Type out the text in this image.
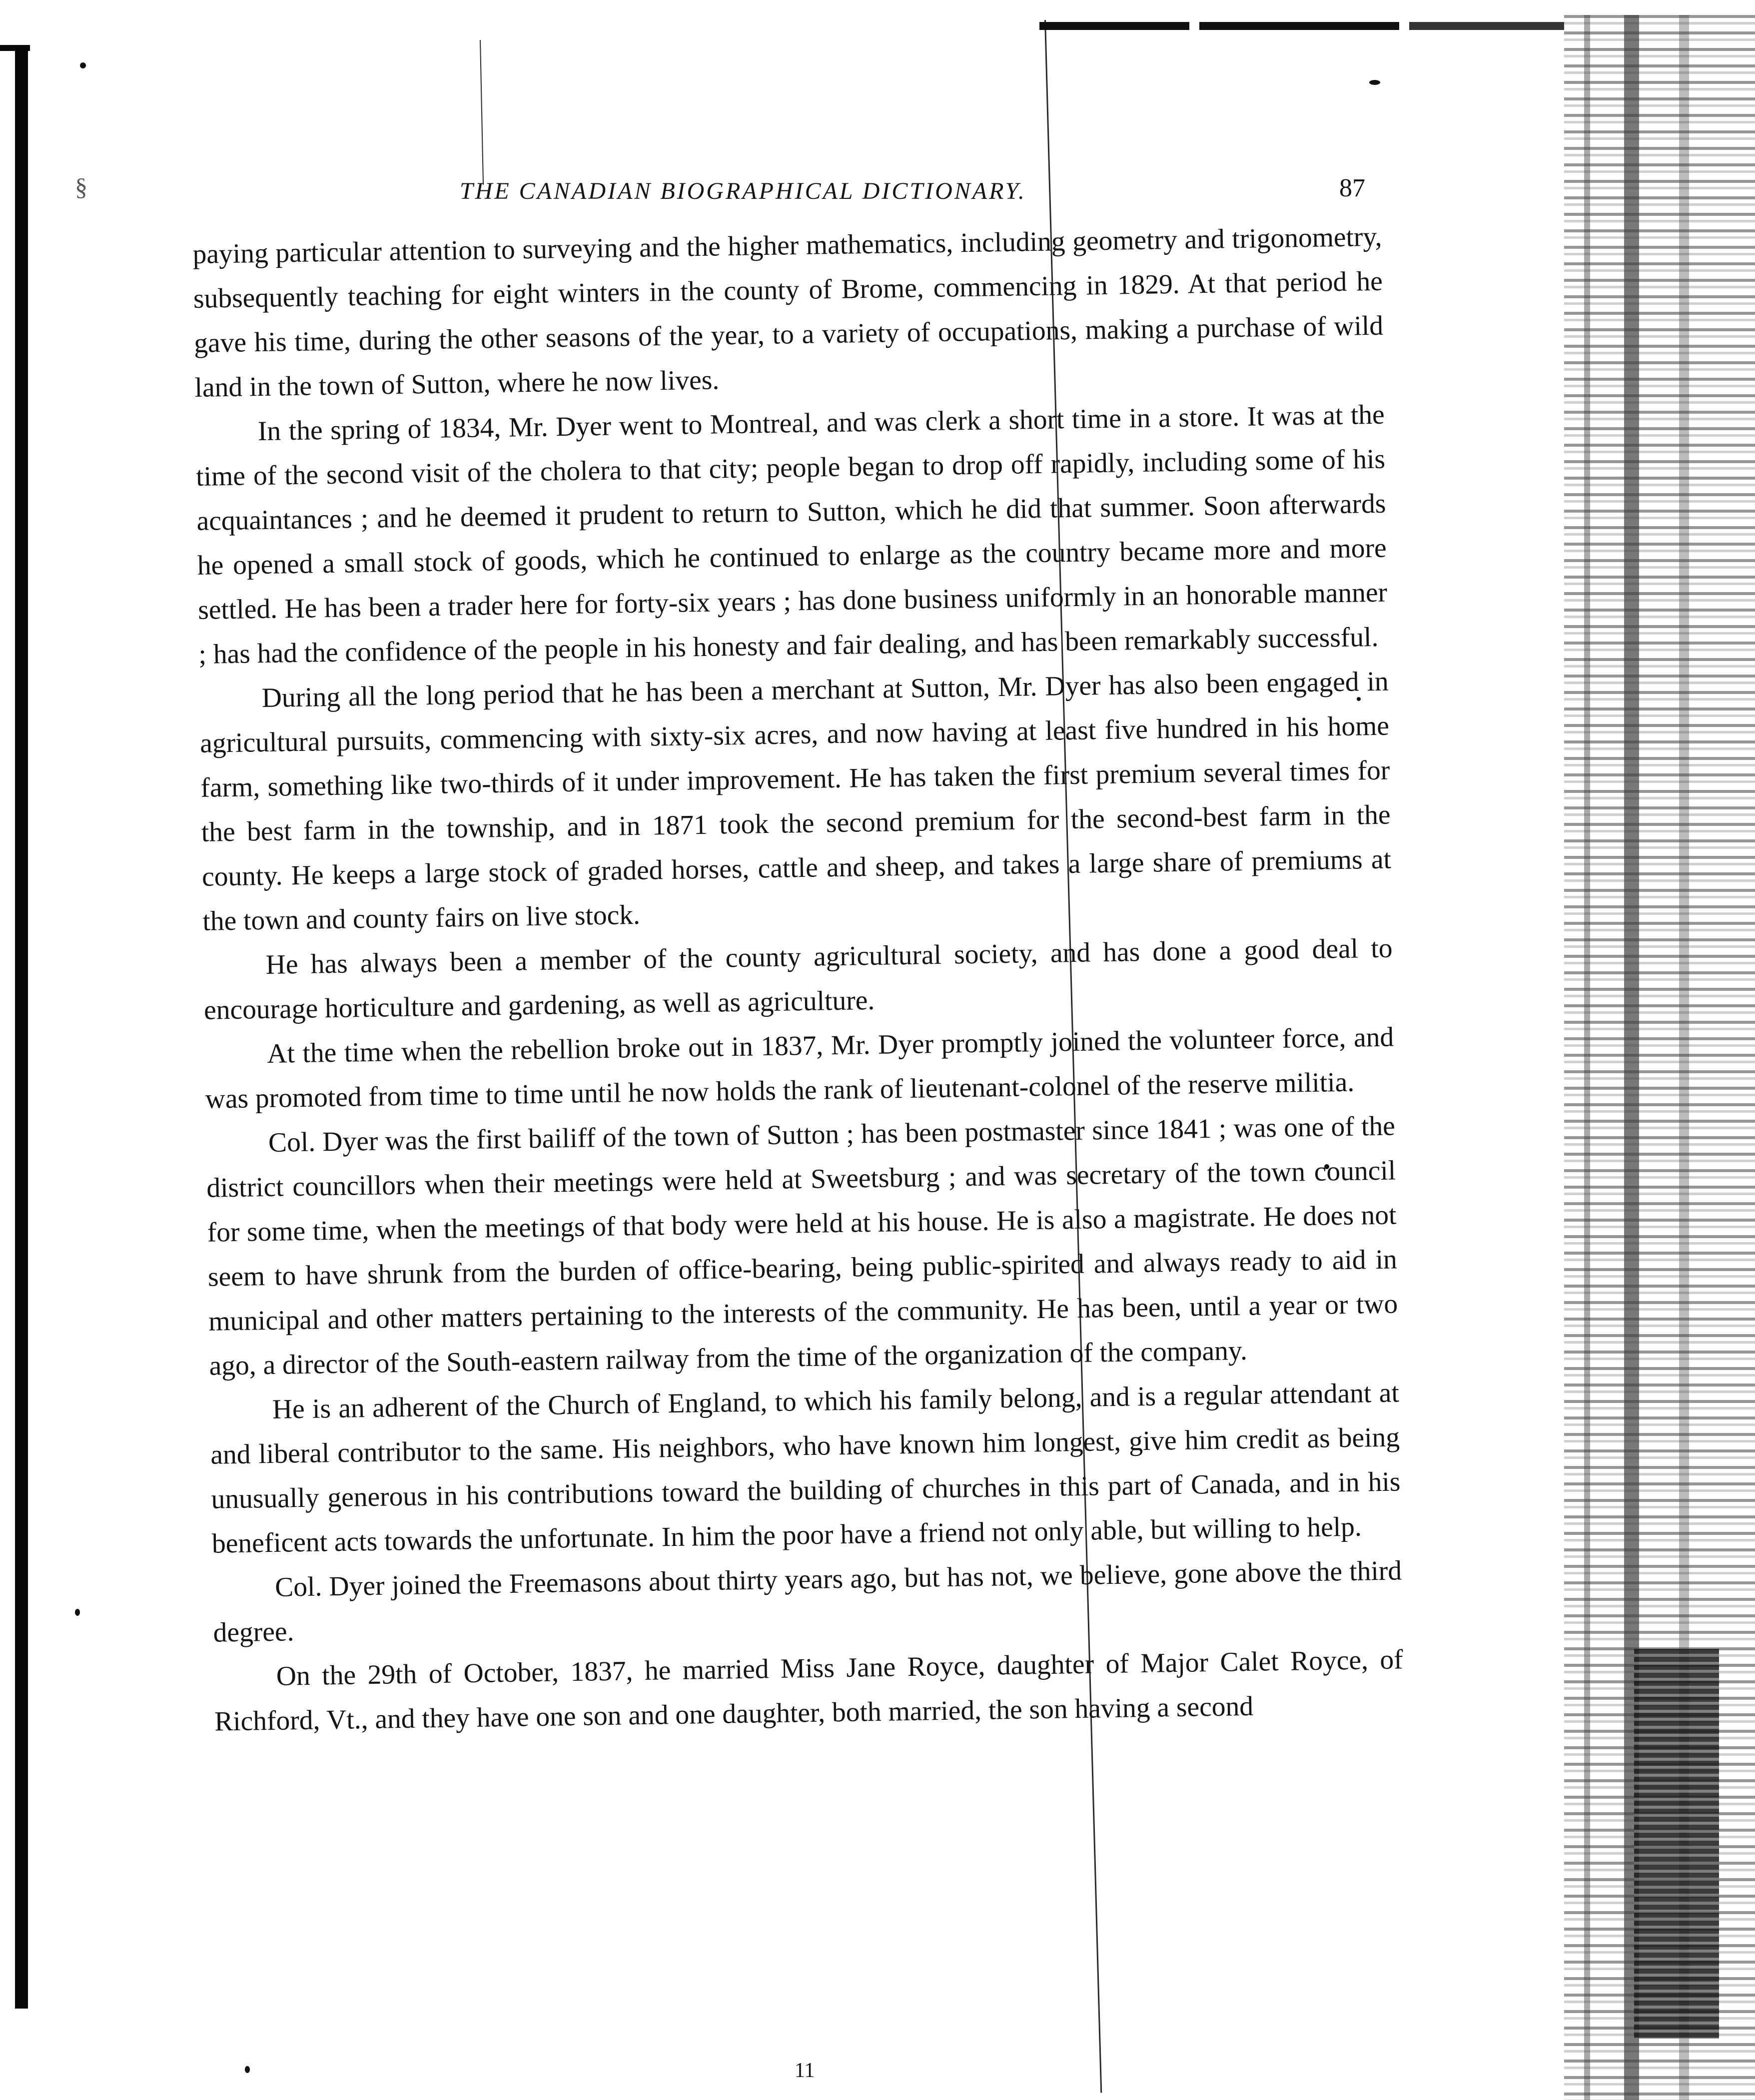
§	THE CANADIAN BIOGRAPHICAL DICTIONARY.	87

paying particular attention to surveying and the higher mathematics, including geometry and trigonometry, subsequently teaching for eight winters in the county of Brome, commencing in 1829. At that period he gave his time, during the other seasons of the year, to a variety of occupations, making a purchase of wild land in the town of Sutton, where he now lives.

In the spring of 1834, Mr. Dyer went to Montreal, and was clerk a short time in a store. It was at the time of the second visit of the cholera to that city; people began to drop off rapidly, including some of his acquaintances ; and he deemed it prudent to return to Sutton, which he did that summer. Soon afterwards he opened a small stock of goods, which he continued to enlarge as the country became more and more settled. He has been a trader here for forty-six years ; has done business uniformly in an honorable manner ; has had the confidence of the people in his honesty and fair dealing, and has been remarkably successful.

During all the long period that he has been a merchant at Sutton, Mr. Dyer has also been engaged in agricultural pursuits, commencing with sixty-six acres, and now having at least five hundred in his home farm, something like two-thirds of it under improvement. He has taken the first premium several times for the best farm in the township, and in 1871 took the second premium for the second-best farm in the county. He keeps a large stock of graded horses, cattle and sheep, and takes a large share of premiums at the town and county fairs on live stock.

He has always been a member of the county agricultural society, and has done a good deal to encourage horticulture and gardening, as well as agriculture.

At the time when the rebellion broke out in 1837, Mr. Dyer promptly joined the volunteer force, and was promoted from time to time until he now holds the rank of lieutenant-colonel of the reserve militia.

Col. Dyer was the first bailiff of the town of Sutton ; has been postmaster since 1841 ; was one of the district councillors when their meetings were held at Sweetsburg ; and was secretary of the town council for some time, when the meetings of that body were held at his house. He is also a magistrate. He does not seem to have shrunk from the burden of office-bearing, being public-spirited and always ready to aid in municipal and other matters pertaining to the interests of the community. He has been, until a year or two ago, a director of the South-eastern railway from the time of the organization of the company.

He is an adherent of the Church of England, to which his family belong, and is a regular attendant at and liberal contributor to the same. His neighbors, who have known him longest, give him credit as being unusually generous in his contributions toward the building of churches in this part of Canada, and in his beneficent acts towards the unfortunate. In him the poor have a friend not only able, but willing to help.

Col. Dyer joined the Freemasons about thirty years ago, but has not, we believe, gone above the third degree.

On the 29th of October, 1837, he married Miss Jane Royce, daughter of Major Calet Royce, of Richford, Vt., and they have one son and one daughter, both married, the son having a second

11
